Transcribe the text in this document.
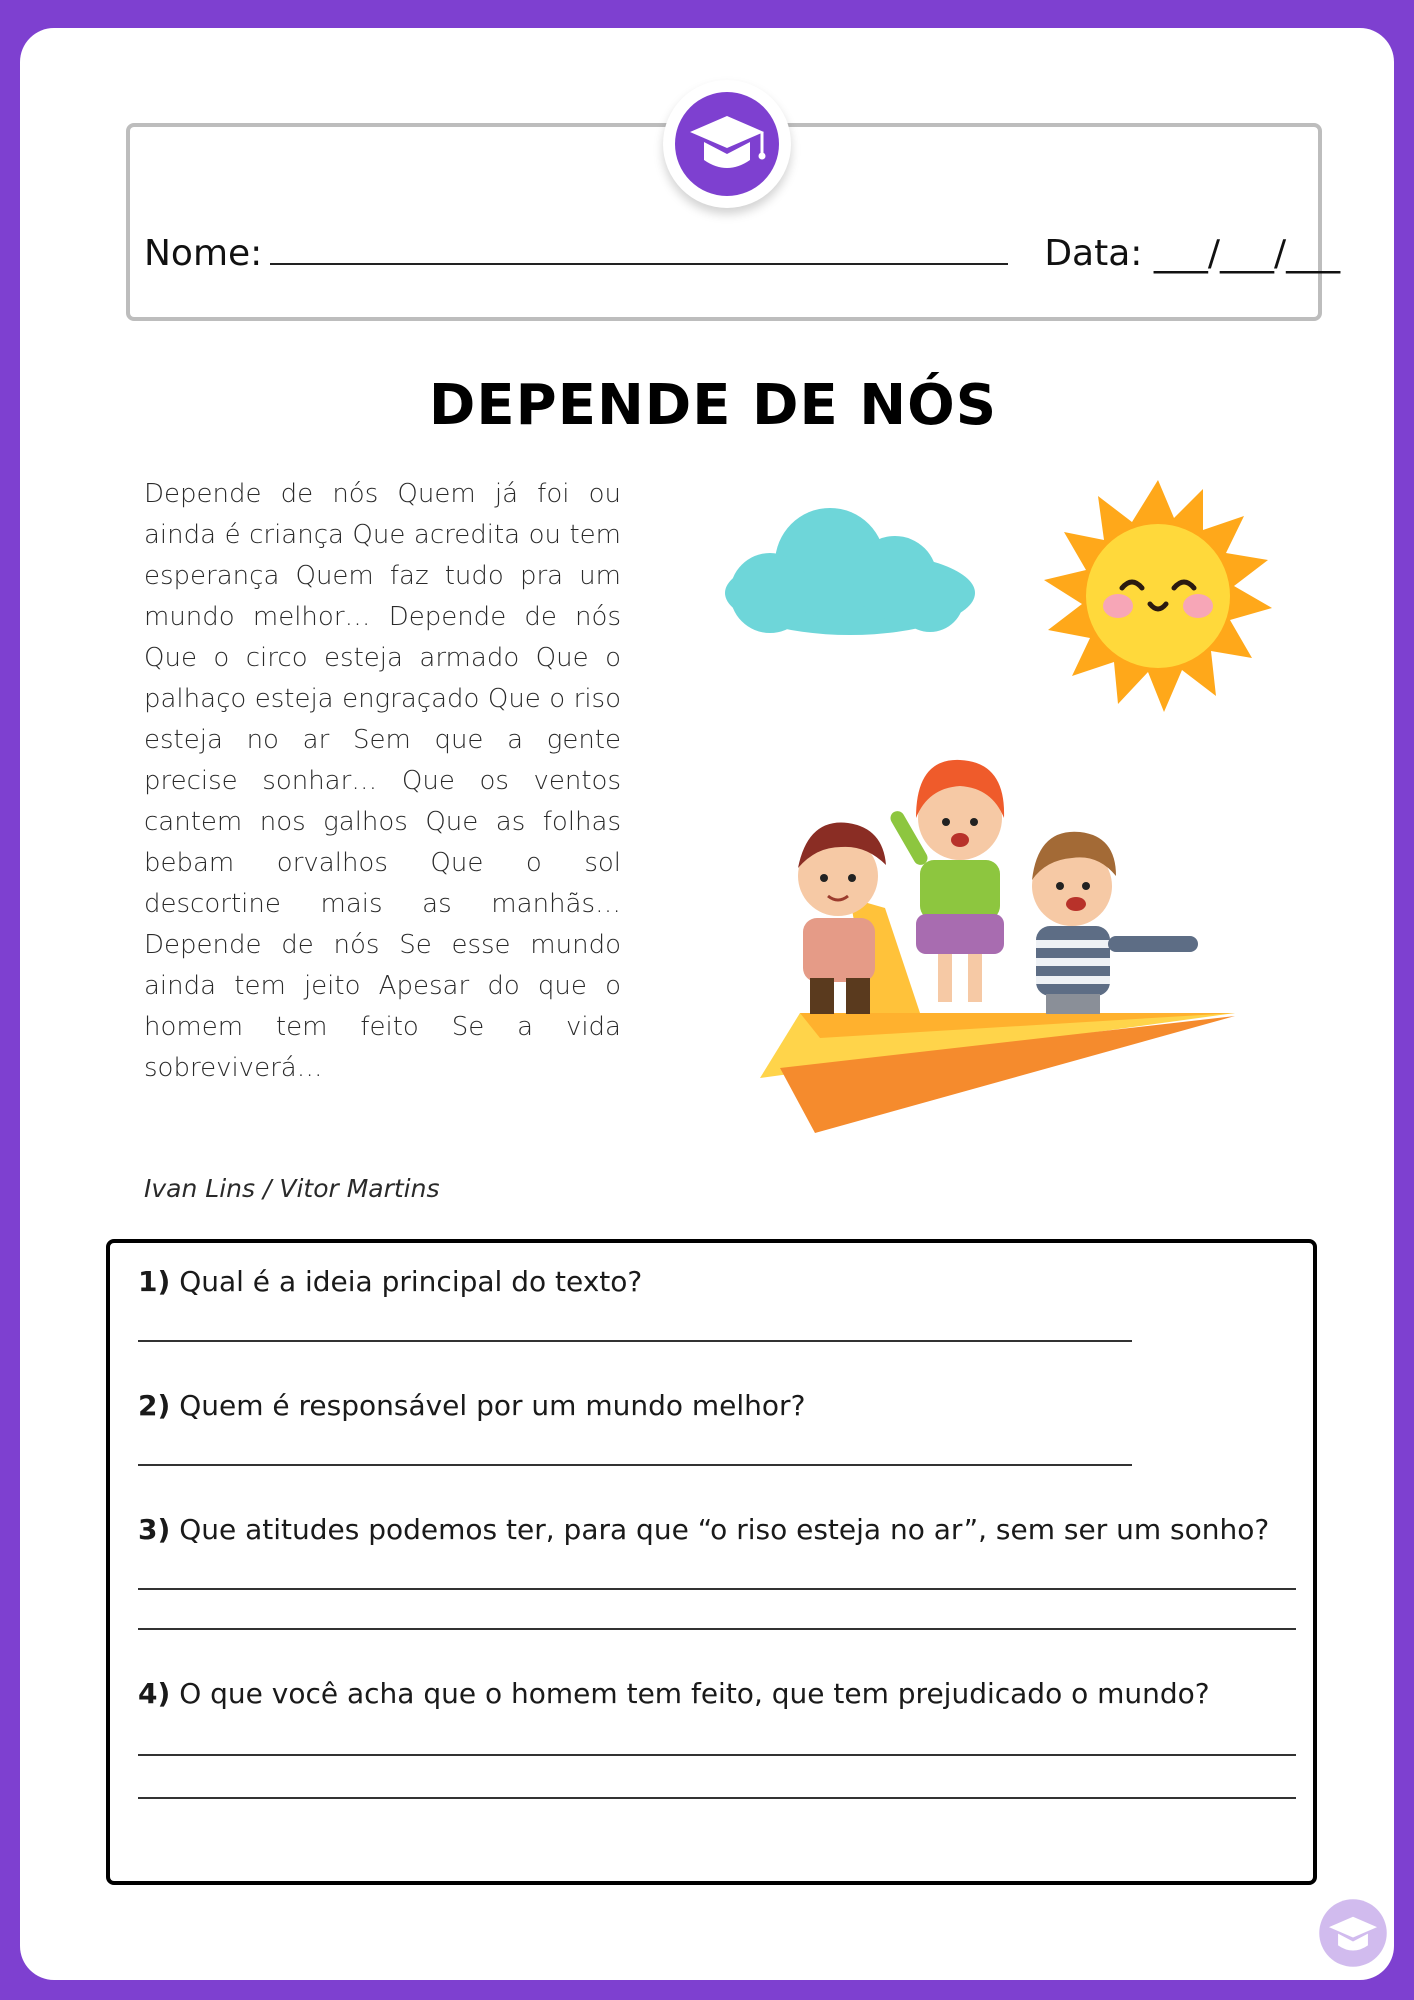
Nome:	Data: ___/___/___
DEPENDE DE NÓS
Depende de nós Quem já foi ou ainda é criança Que acredita ou tem esperança Quem faz tudo pra um mundo melhor… Depende de nós Que o circo esteja armado Que o palhaço esteja engraçado Que o riso esteja no ar Sem que a gente precise sonhar… Que os ventos cantem nos galhos Que as folhas bebam orvalhos Que o sol descortine mais as manhãs… Depende de nós Se esse mundo ainda tem jeito Apesar do que o homem tem feito Se a vida sobreviverá…
Ivan Lins / Vitor Martins
1) Qual é a ideia principal do texto?
2) Quem é responsável por um mundo melhor?
3) Que atitudes podemos ter, para que “o riso esteja no ar”, sem ser um sonho?
4) O que você acha que o homem tem feito, que tem prejudicado o mundo?
